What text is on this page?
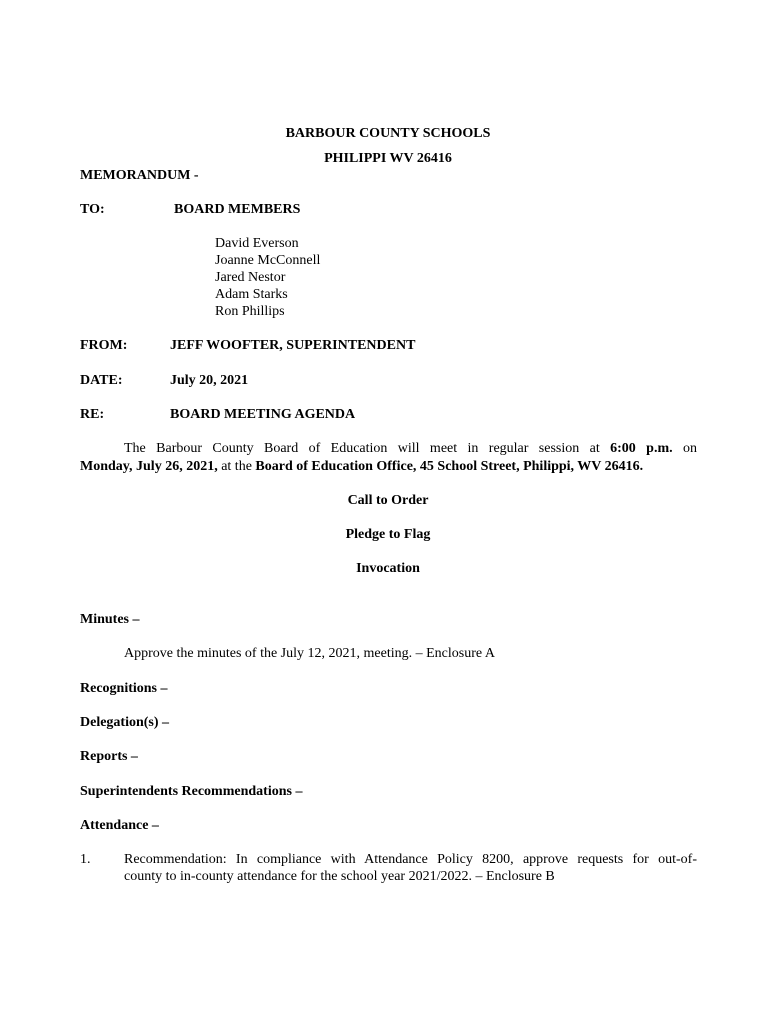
BARBOUR COUNTY SCHOOLS
PHILIPPI WV 26416
MEMORANDUM -
TO:	BOARD MEMBERS
David Everson
Joanne McConnell
Jared Nestor
Adam Starks
Ron Phillips
FROM:	JEFF WOOFTER, SUPERINTENDENT
DATE:	July 20, 2021
RE:	BOARD MEETING AGENDA
The Barbour County Board of Education will meet in regular session at 6:00 p.m. on
Monday, July 26, 2021, at the Board of Education Office, 45 School Street, Philippi, WV 26416.
Call to Order
Pledge to Flag
Invocation
Minutes –
Approve the minutes of the July 12, 2021, meeting. – Enclosure A
Recognitions –
Delegation(s) –
Reports –
Superintendents Recommendations –
Attendance –
1. Recommendation: In compliance with Attendance Policy 8200, approve requests for out-of-
county to in-county attendance for the school year 2021/2022. – Enclosure B
